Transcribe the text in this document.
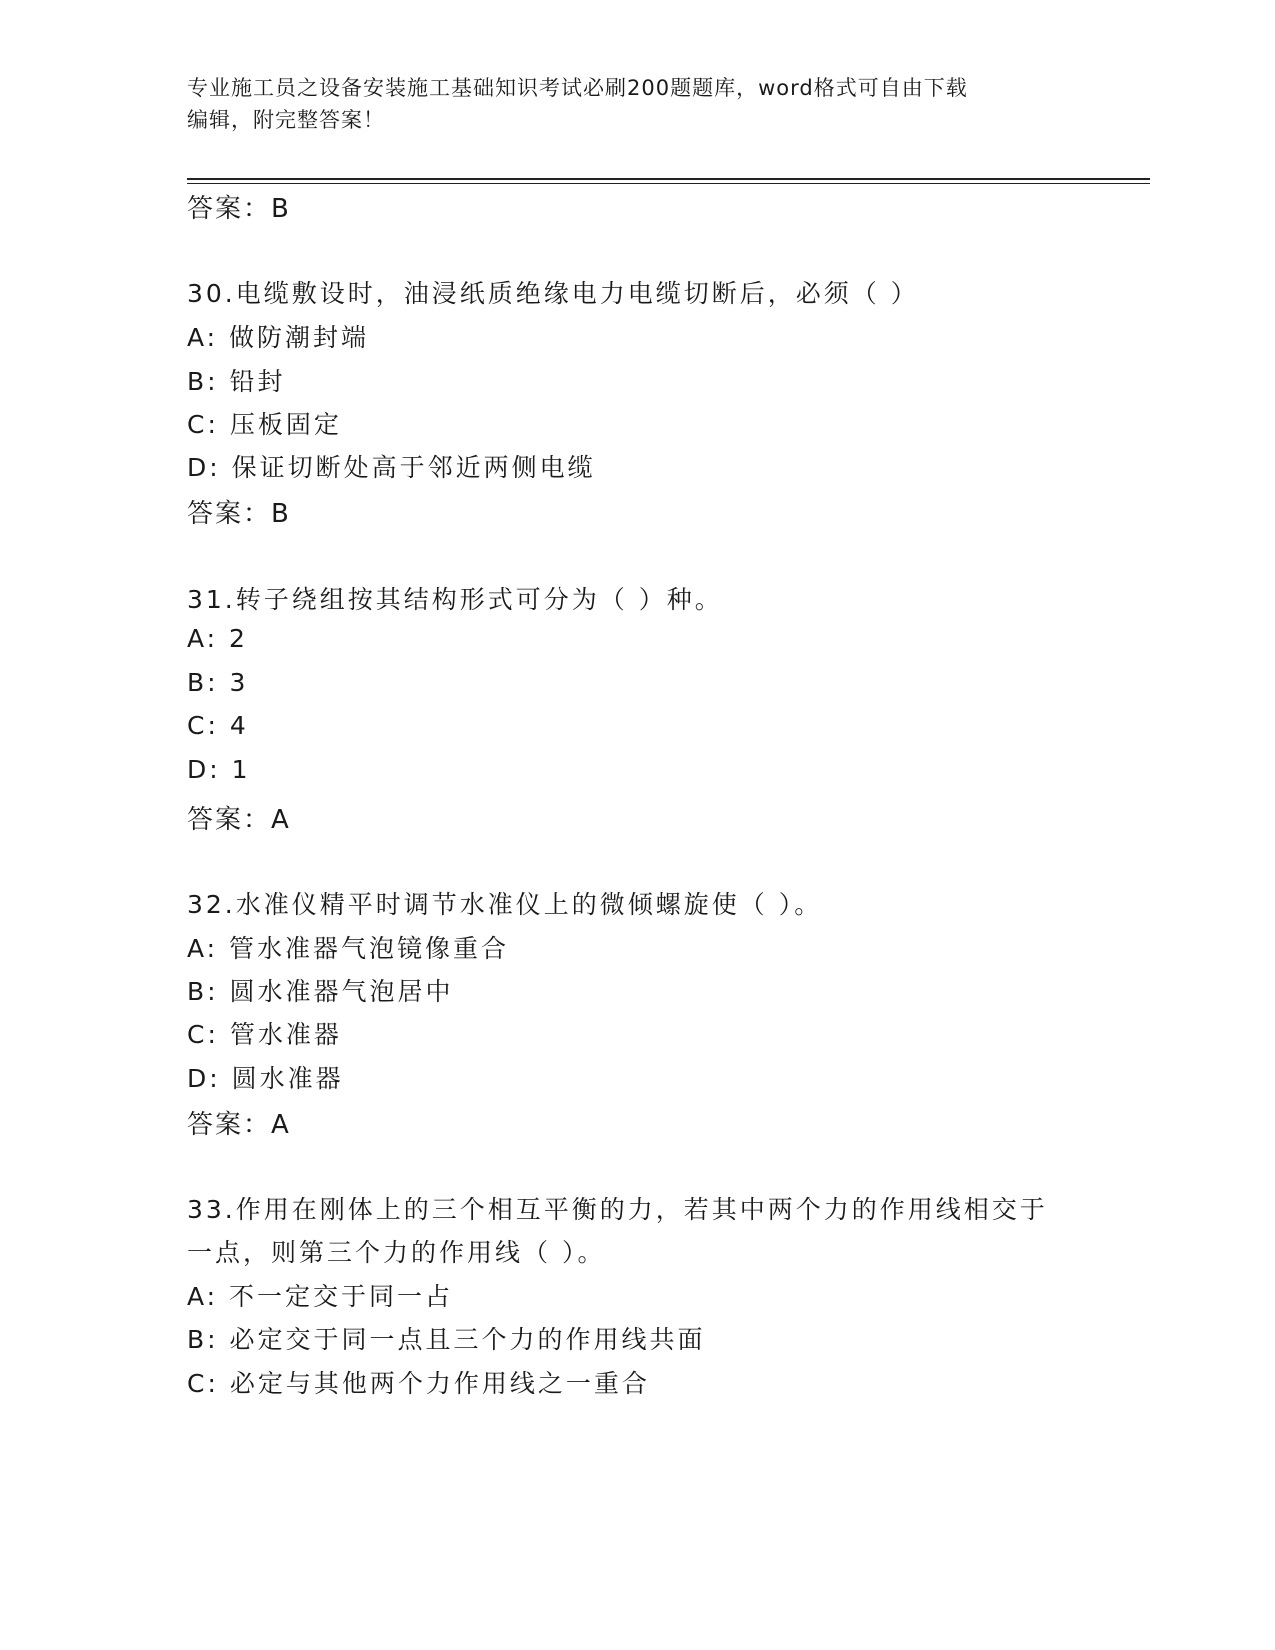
专业施工员之设备安装施工基础知识考试必刷200题题库，word格式可自由下载
编辑，附完整答案！
答案：B
30.电缆敷设时，油浸纸质绝缘电力电缆切断后，必须（ ）
A: 做防潮封端
B: 铅封
C: 压板固定
D: 保证切断处高于邻近两侧电缆
答案：B
31.转子绕组按其结构形式可分为（ ）种。
A: 2
B: 3
C: 4
D: 1
答案：A
32.水准仪精平时调节水准仪上的微倾螺旋使（ ）。
A: 管水准器气泡镜像重合
B: 圆水准器气泡居中
C: 管水准器
D: 圆水准器
答案：A
33.作用在刚体上的三个相互平衡的力，若其中两个力的作用线相交于
一点，则第三个力的作用线（ ）。
A: 不一定交于同一占
B: 必定交于同一点且三个力的作用线共面
C: 必定与其他两个力作用线之一重合
